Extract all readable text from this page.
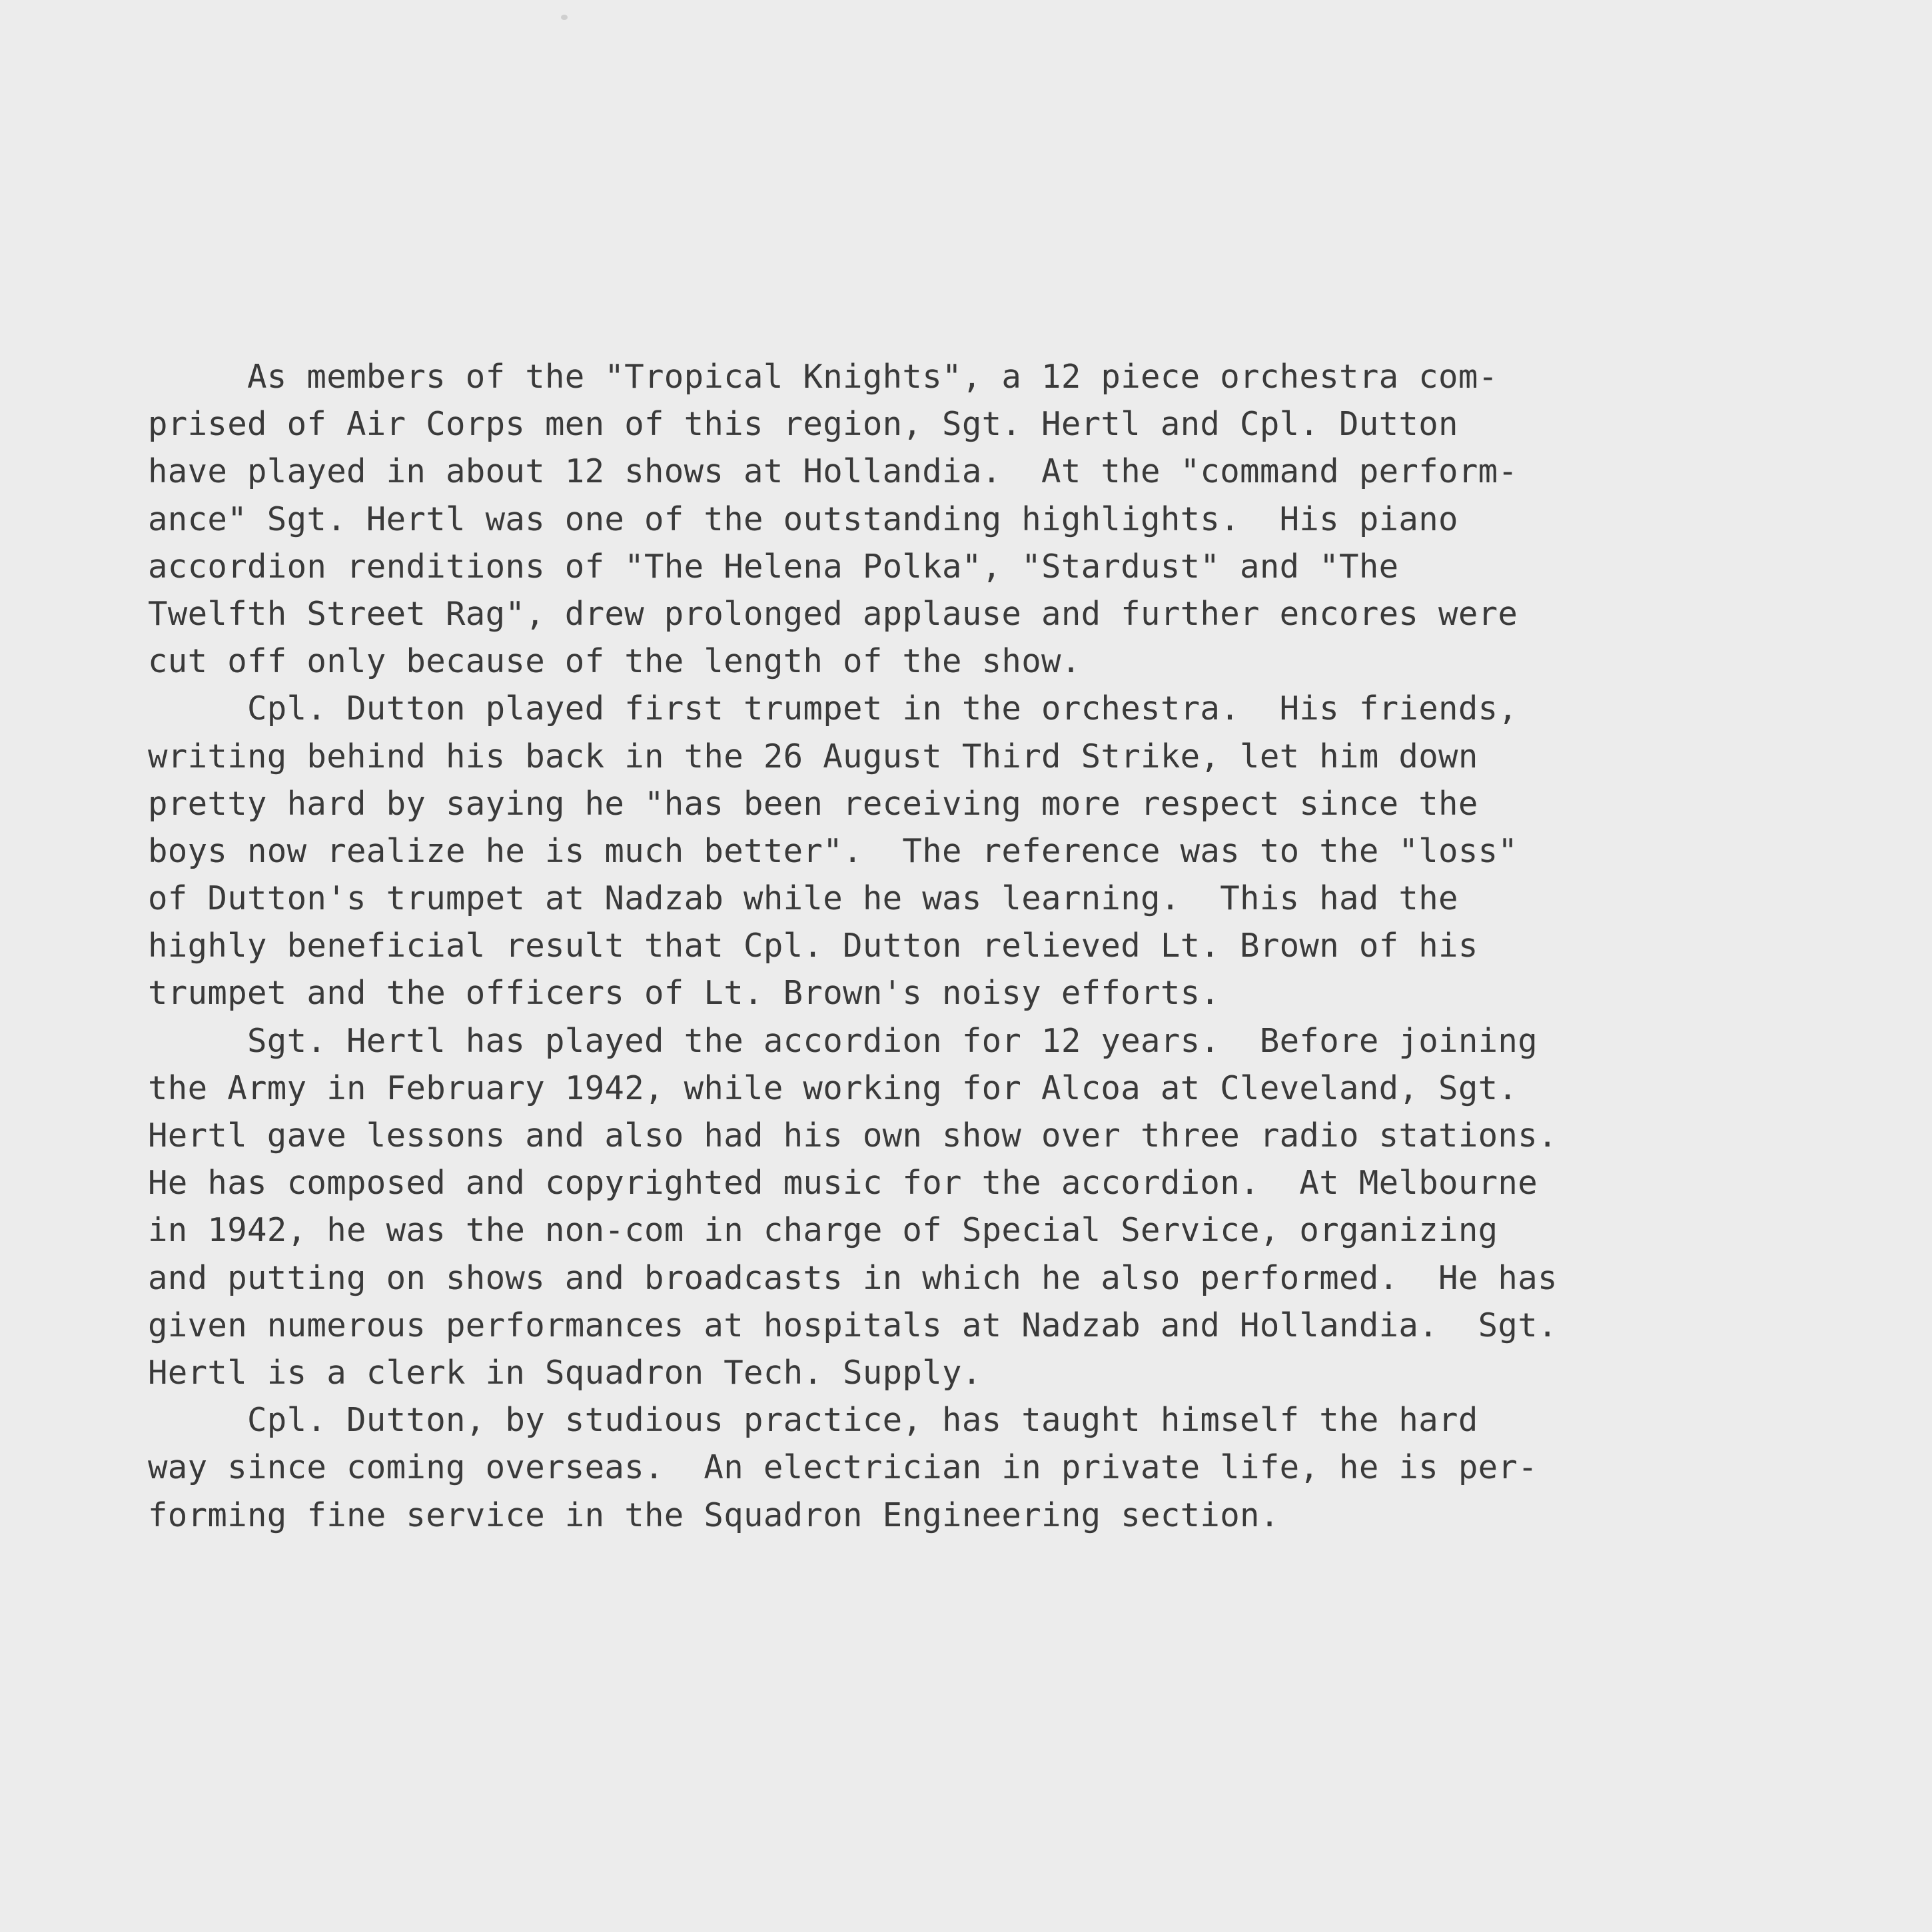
As members of the "Tropical Knights", a 12 piece orchestra com-
prised of Air Corps men of this region, Sgt. Hertl and Cpl. Dutton
have played in about 12 shows at Hollandia.  At the "command perform-
ance" Sgt. Hertl was one of the outstanding highlights.  His piano
accordion renditions of "The Helena Polka", "Stardust" and "The
Twelfth Street Rag", drew prolonged applause and further encores were
cut off only because of the length of the show.
Cpl. Dutton played first trumpet in the orchestra.  His friends,
writing behind his back in the 26 August Third Strike, let him down
pretty hard by saying he "has been receiving more respect since the
boys now realize he is much better".  The reference was to the "loss"
of Dutton's trumpet at Nadzab while he was learning.  This had the
highly beneficial result that Cpl. Dutton relieved Lt. Brown of his
trumpet and the officers of Lt. Brown's noisy efforts.
Sgt. Hertl has played the accordion for 12 years.  Before joining
the Army in February 1942, while working for Alcoa at Cleveland, Sgt.
Hertl gave lessons and also had his own show over three radio stations.
He has composed and copyrighted music for the accordion.  At Melbourne
in 1942, he was the non-com in charge of Special Service, organizing
and putting on shows and broadcasts in which he also performed.  He has
given numerous performances at hospitals at Nadzab and Hollandia.  Sgt.
Hertl is a clerk in Squadron Tech. Supply.
Cpl. Dutton, by studious practice, has taught himself the hard
way since coming overseas.  An electrician in private life, he is per-
forming fine service in the Squadron Engineering section.
